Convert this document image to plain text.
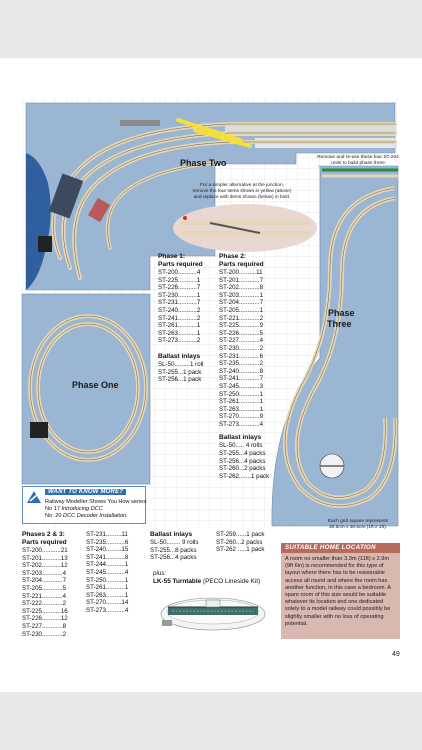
Phase Two
Remove and re-use these four ST-204
units to build phase three
For a simpler alternative at the junction,
remove the four items shown in yellow (above)
and replace with items shown (below) in bold.
Phase
Three
Phase One
Each grid square represents
30.5cm x 30.5cm (1ft x 1ft).
Phase 1:
Parts required
ST-200...........4
ST-225...........1
ST-226...........7
ST-230...........1
ST-231...........7
ST-240...........2
ST-241...........2
ST-261...........1
ST-263...........1
ST-273...........2
Ballast inlays
SL-50.........1 roll
ST-255...1 pack
ST-256...1 pack
Phase 2:
Parts required
ST-200..........11
ST-201............7
ST-202............8
ST-203............1
ST-204............7
ST-205............1
ST-221............2
ST-225............9
ST-226............5
ST-227............4
ST-230............2
ST-231............6
ST-235............2
ST-240............8
ST-241............7
ST-245............3
ST-250............1
ST-261............1
ST-263............1
ST-270............9
ST-273............4
Ballast inlays
SL-50..... 4 rolls
ST-255...4 packs
ST-256...4 packs
ST-260...2 packs
ST-262.......1 pack
WANT TO KNOW MORE?
Railway Modeller Shows You How series:
No 17 Introducing DCC
No. 20 DCC Decoder Installation.
Phases 2 & 3:
Parts required
ST-200...........21
ST-201...........13
ST-202...........12
ST-203............4
ST-204............7
ST-205............5
ST-221............4
ST-222............2
ST-225...........16
ST-226...........12
ST-227............8
ST-230............2
ST-231.........11
ST-235...........6
ST-240.........15
ST-241...........8
ST-244...........1
ST-245...........4
ST-250...........1
ST-261...........1
ST-263...........1
ST-270.........14
ST-273...........4
Ballast inlays
SL-50........ 9 rolls
ST-255...8 packs
ST-256...4 packs
ST-259......1 pack
ST-260...2 packs
ST-262 .....1 pack
plus:
LK-55 Turntable (PECO Lineside Kit)
SUITABLE HOME LOCATION
A room no smaller than 3.3m (11ft) x 2.9m (9ft 6in) is recommended for this type of layout where there has to be reasonable access all round and where the room has another function, in this case a bedroom. A spare room of this size would be suitable whatever its location and one dedicated solely to a model railway could possibly be slightly smaller with no loss of operating potential.
49
